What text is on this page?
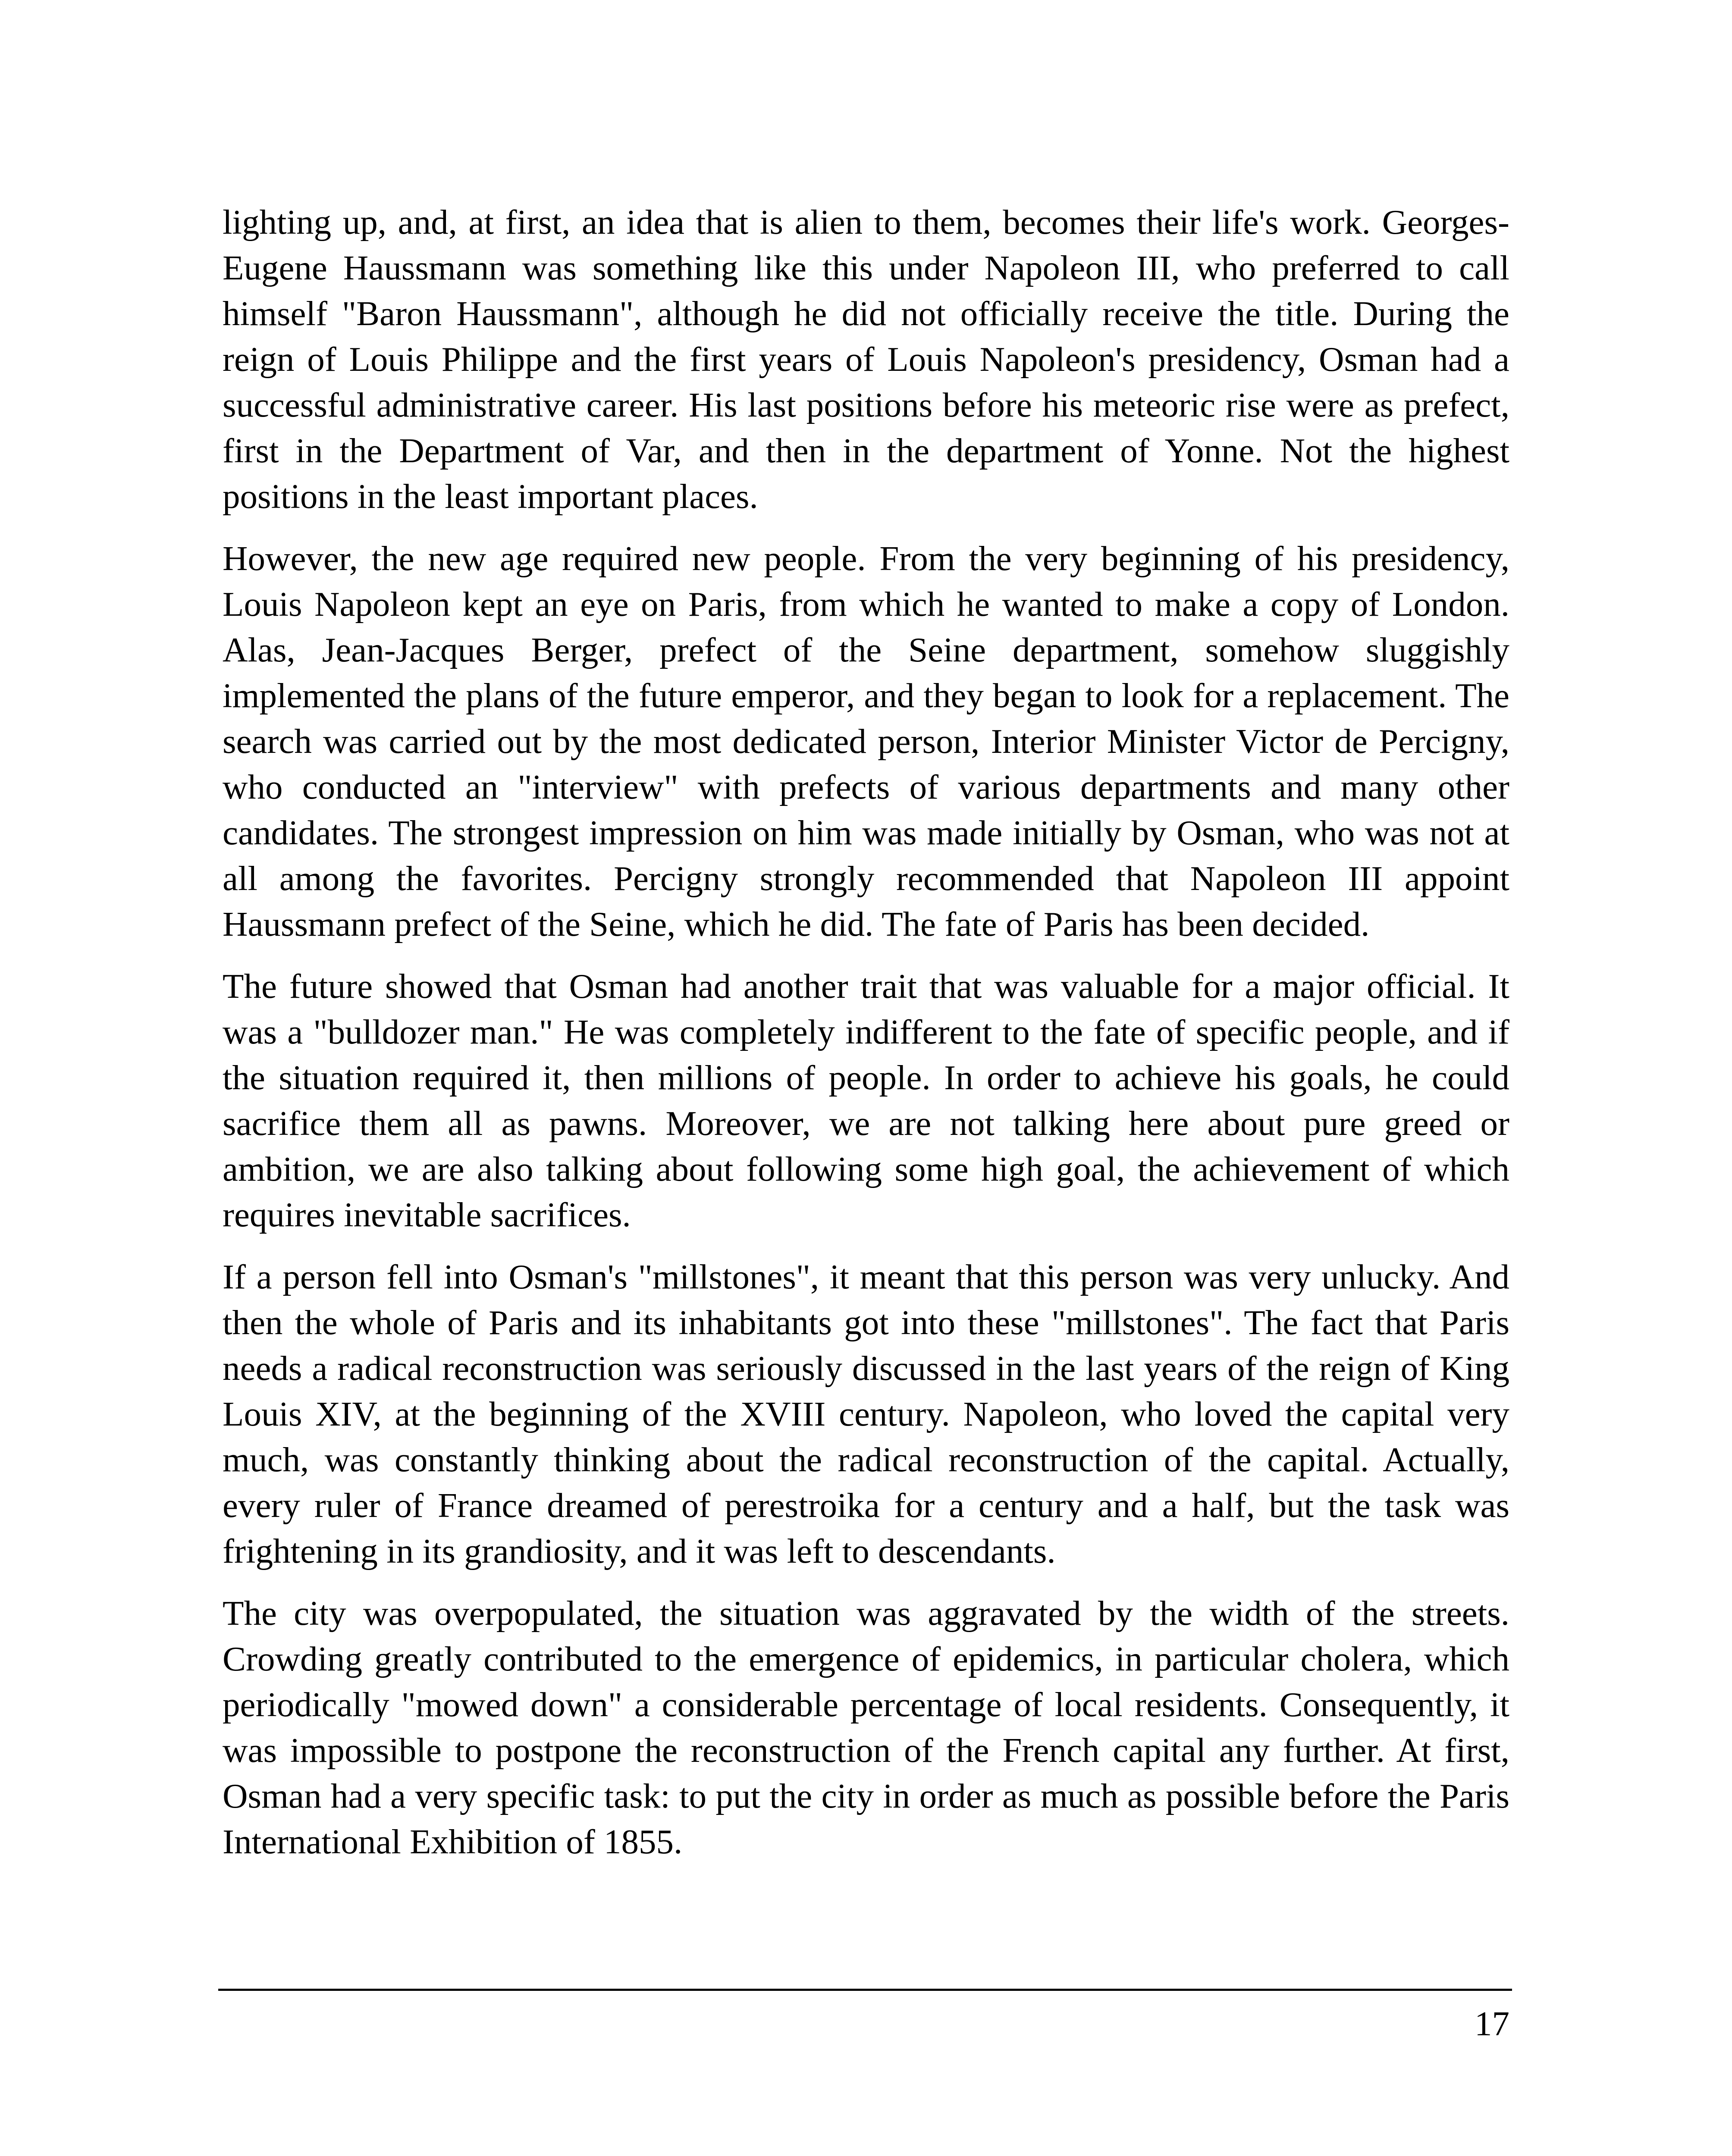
lighting up, and, at first, an idea that is alien to them, becomes their life's work. Georges-Eugene Haussmann was something like this under Napoleon III, who preferred to call himself "Baron Haussmann", although he did not officially receive the title. During the reign of Louis Philippe and the first years of Louis Napoleon's presidency, Osman had a successful administrative career. His last positions before his meteoric rise were as prefect, first in the Department of Var, and then in the department of Yonne. Not the highest positions in the least important places.

However, the new age required new people. From the very beginning of his presidency, Louis Napoleon kept an eye on Paris, from which he wanted to make a copy of London. Alas, Jean-Jacques Berger, prefect of the Seine department, somehow sluggishly implemented the plans of the future emperor, and they began to look for a replacement. The search was carried out by the most dedicated person, Interior Minister Victor de Percigny, who conducted an "interview" with prefects of various departments and many other candidates. The strongest impression on him was made initially by Osman, who was not at all among the favorites. Percigny strongly recommended that Napoleon III appoint Haussmann prefect of the Seine, which he did. The fate of Paris has been decided.

The future showed that Osman had another trait that was valuable for a major official. It was a "bulldozer man." He was completely indifferent to the fate of specific people, and if the situation required it, then millions of people. In order to achieve his goals, he could sacrifice them all as pawns. Moreover, we are not talking here about pure greed or ambition, we are also talking about following some high goal, the achievement of which requires inevitable sacrifices.

If a person fell into Osman's "millstones", it meant that this person was very unlucky. And then the whole of Paris and its inhabitants got into these "millstones". The fact that Paris needs a radical reconstruction was seriously discussed in the last years of the reign of King Louis XIV, at the beginning of the XVIII century. Napoleon, who loved the capital very much, was constantly thinking about the radical reconstruction of the capital. Actually, every ruler of France dreamed of perestroika for a century and a half, but the task was frightening in its grandiosity, and it was left to descendants.

The city was overpopulated, the situation was aggravated by the width of the streets. Crowding greatly contributed to the emergence of epidemics, in particular cholera, which periodically "mowed down" a considerable percentage of local residents. Consequently, it was impossible to postpone the reconstruction of the French capital any further. At first, Osman had a very specific task: to put the city in order as much as possible before the Paris International Exhibition of 1855.

17
